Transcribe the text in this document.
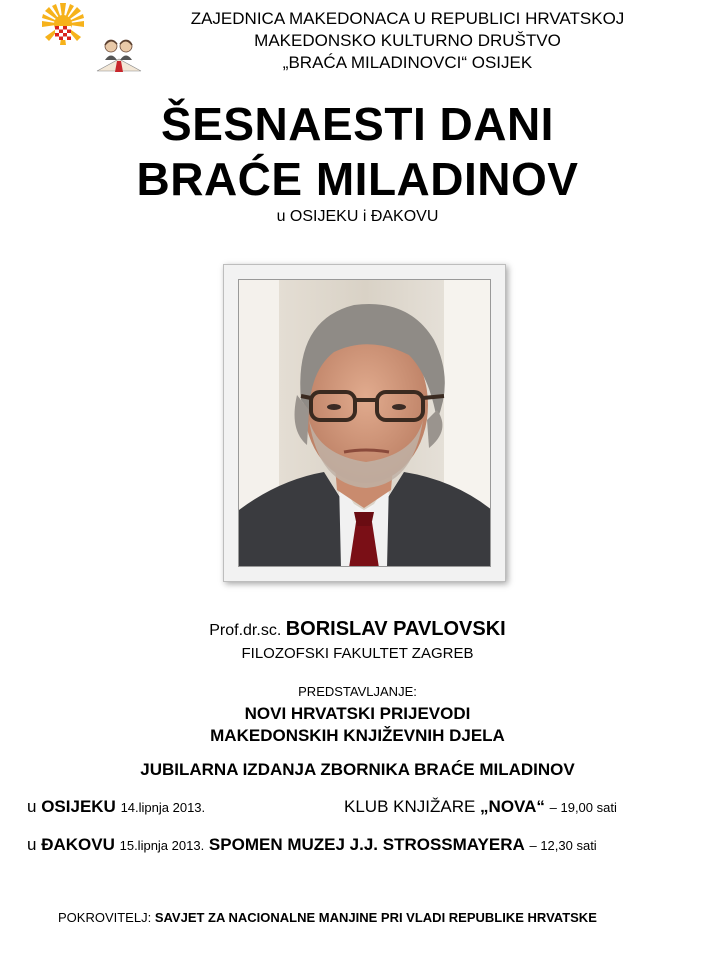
ZAJEDNICA MAKEDONACA U REPUBLICI HRVATSKOJ
MAKEDONSKO KULTURNO DRUŠTVO
„BRAĆA MILADINOVCI“ OSIJEK
ŠESNAESTI DANI
BRAĆE MILADINOV
u OSIJEKU i ĐAKOVU
Prof.dr.sc. BORISLAV PAVLOVSKI
FILOZOFSKI FAKULTET ZAGREB
PREDSTAVLJANJE:
NOVI HRVATSKI PRIJEVODI
MAKEDONSKIH KNJIŽEVNIH DJELA
JUBILARNA IZDANJA ZBORNIKA BRAĆE MILADINOV
u OSIJEKU 14.lipnja 2013.	KLUB KNJIŽARE „NOVA“ – 19,00 sati
u ĐAKOVU 15.lipnja 2013. SPOMEN MUZEJ J.J. STROSSMAYERA – 12,30 sati
POKROVITELJ: SAVJET ZA NACIONALNE MANJINE PRI VLADI REPUBLIKE HRVATSKE
